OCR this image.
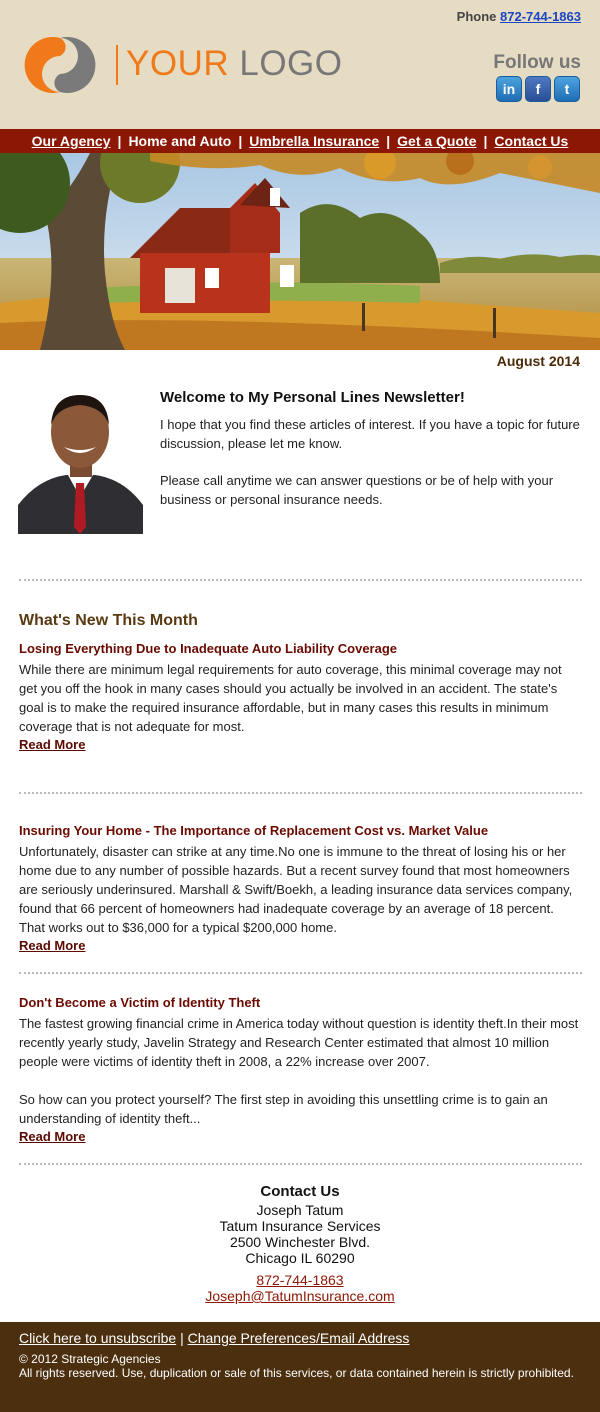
Phone 872-744-1863
YOUR LOGO	Follow us
in	f	t
Our Agency | Home and Auto | Umbrella Insurance | Get a Quote | Contact Us
August 2014

Welcome to My Personal Lines Newsletter!

I hope that you find these articles of interest. If you have a topic for future discussion, please let me know.

Please call anytime we can answer questions or be of help with your business or personal insurance needs.

What's New This Month

Losing Everything Due to Inadequate Auto Liability Coverage

While there are minimum legal requirements for auto coverage, this minimal coverage may not get you off the hook in many cases should you actually be involved in an accident. The state's goal is to make the required insurance affordable, but in many cases this results in minimum coverage that is not adequate for most.

Read More

Insuring Your Home - The Importance of Replacement Cost vs. Market Value

Unfortunately, disaster can strike at any time.No one is immune to the threat of losing his or her home due to any number of possible hazards. But a recent survey found that most homeowners are seriously underinsured. Marshall & Swift/Boekh, a leading insurance data services company, found that 66 percent of homeowners had inadequate coverage by an average of 18 percent. That works out to $36,000 for a typical $200,000 home.

Read More

Don't Become a Victim of Identity Theft

The fastest growing financial crime in America today without question is identity theft.In their most recently yearly study, Javelin Strategy and Research Center estimated that almost 10 million people were victims of identity theft in 2008, a 22% increase over 2007.

So how can you protect yourself? The first step in avoiding this unsettling crime is to gain an understanding of identity theft...

Read More

Contact Us

Joseph Tatum

Tatum Insurance Services

2500 Winchester Blvd.

Chicago IL 60290

872-744-1863
Joseph@TatumInsurance.com
Click here to unsubscribe | Change Preferences/Email Address

© 2012 Strategic Agencies

All rights reserved. Use, duplication or sale of this services, or data contained herein is strictly prohibited.
